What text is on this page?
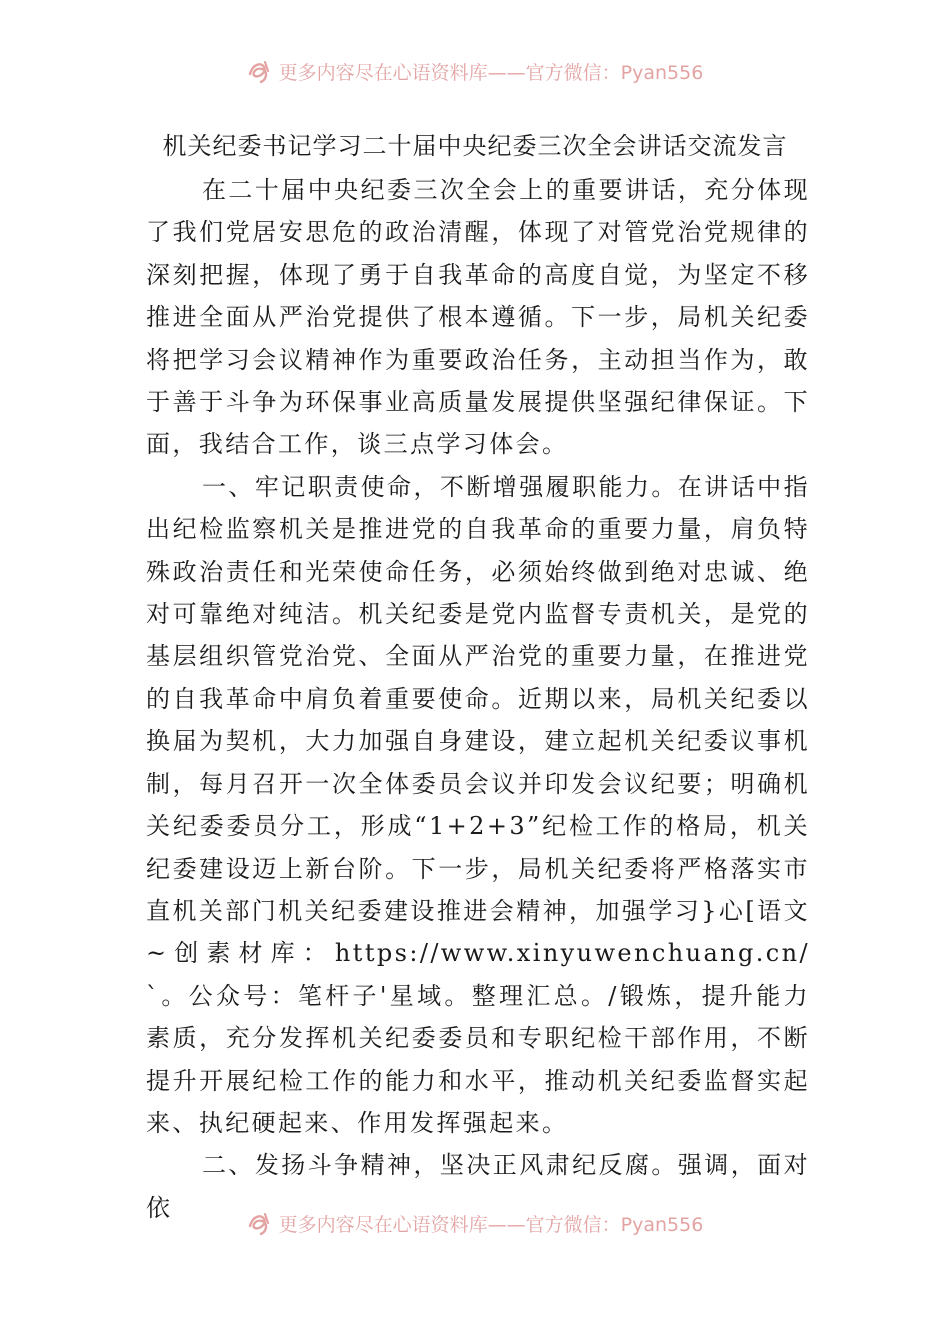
更多内容尽在心语资料库——官方微信：Pyan556
机关纪委书记学习二十届中央纪委三次全会讲话交流发言

在二十届中央纪委三次全会上的重要讲话，充分体现了我们党居安思危的政治清醒，体现了对管党治党规律的深刻把握，体现了勇于自我革命的高度自觉，为坚定不移推进全面从严治党提供了根本遵循。下一步，局机关纪委将把学习会议精神作为重要政治任务，主动担当作为，敢于善于斗争为环保事业高质量发展提供坚强纪律保证。下面，我结合工作，谈三点学习体会。

一、牢记职责使命，不断增强履职能力。在讲话中指出纪检监察机关是推进党的自我革命的重要力量，肩负特殊政治责任和光荣使命任务，必须始终做到绝对忠诚、绝对可靠绝对纯洁。机关纪委是党内监督专责机关，是党的基层组织管党治党、全面从严治党的重要力量，在推进党的自我革命中肩负着重要使命。近期以来，局机关纪委以换届为契机，大力加强自身建设，建立起机关纪委议事机制，每月召开一次全体委员会议并印发会议纪要；明确机关纪委委员分工，形成“1+2+3”纪检工作的格局，机关纪委建设迈上新台阶。下一步，局机关纪委将严格落实市直机关部门机关纪委建设推进会精神，加强学习}心[语文~创素材库：https://www.xinyuwenchuang.cn/`。公众号：笔杆子'星域。整理汇总。/锻炼，提升能力素质，充分发挥机关纪委委员和专职纪检干部作用，不断提升开展纪检工作的能力和水平，推动机关纪委监督实起来、执纪硬起来、作用发挥强起来。

二、发扬斗争精神，坚决正风肃纪反腐。强调，面对依

更多内容尽在心语资料库——官方微信：Pyan556
